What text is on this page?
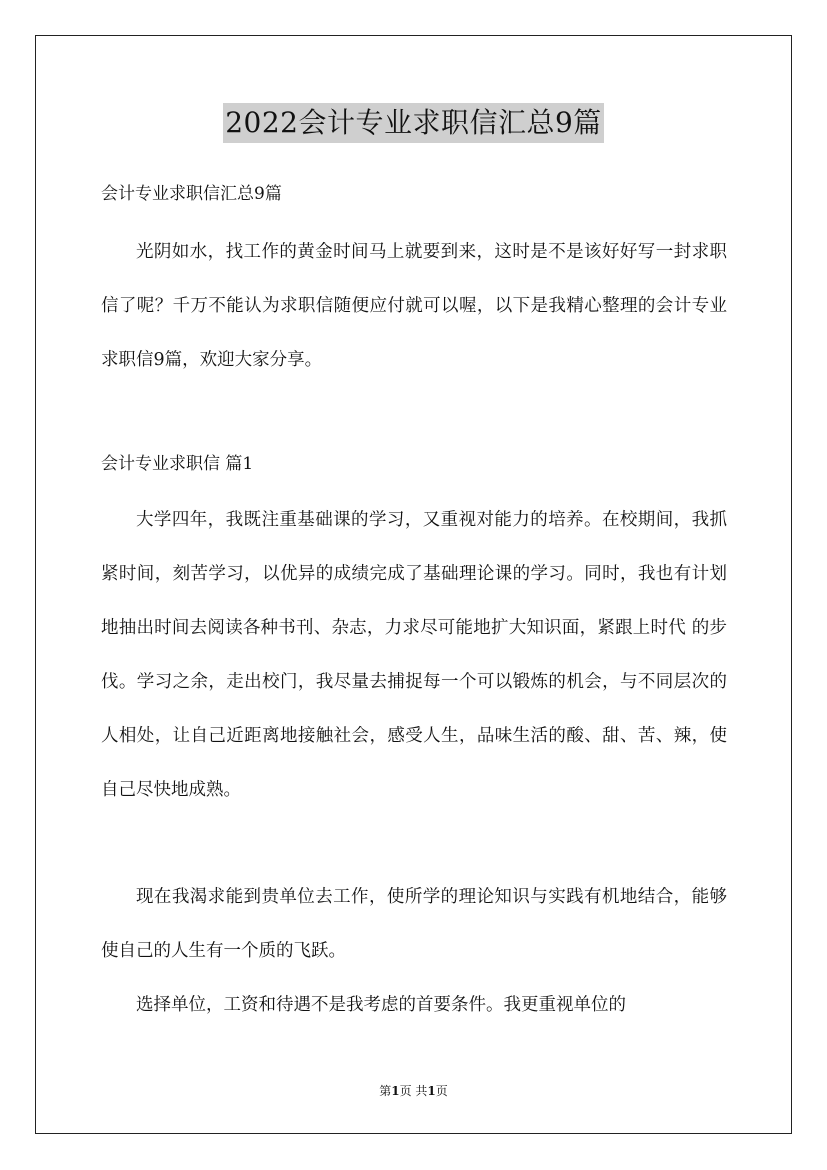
2022会计专业求职信汇总9篇
会计专业求职信汇总9篇

光阴如水，找工作的黄金时间马上就要到来，这时是不是该好好写一封求职信了呢？千万不能认为求职信随便应付就可以喔，以下是我精心整理的会计专业求职信9篇，欢迎大家分享。

会计专业求职信 篇1

大学四年，我既注重基础课的学习，又重视对能力的培养。在校期间，我抓紧时间，刻苦学习，以优异的成绩完成了基础理论课的学习。同时，我也有计划地抽出时间去阅读各种书刊、杂志，力求尽可能地扩大知识面，紧跟上时代 的步伐。学习之余，走出校门，我尽量去捕捉每一个可以锻炼的机会，与不同层次的人相处，让自己近距离地接触社会，感受人生，品味生活的酸、甜、苦、辣，使自己尽快地成熟。

现在我渴求能到贵单位去工作，使所学的理论知识与实践有机地结合，能够使自己的人生有一个质的飞跃。

选择单位，工资和待遇不是我考虑的首要条件。我更重视单位的

第1页 共1页
